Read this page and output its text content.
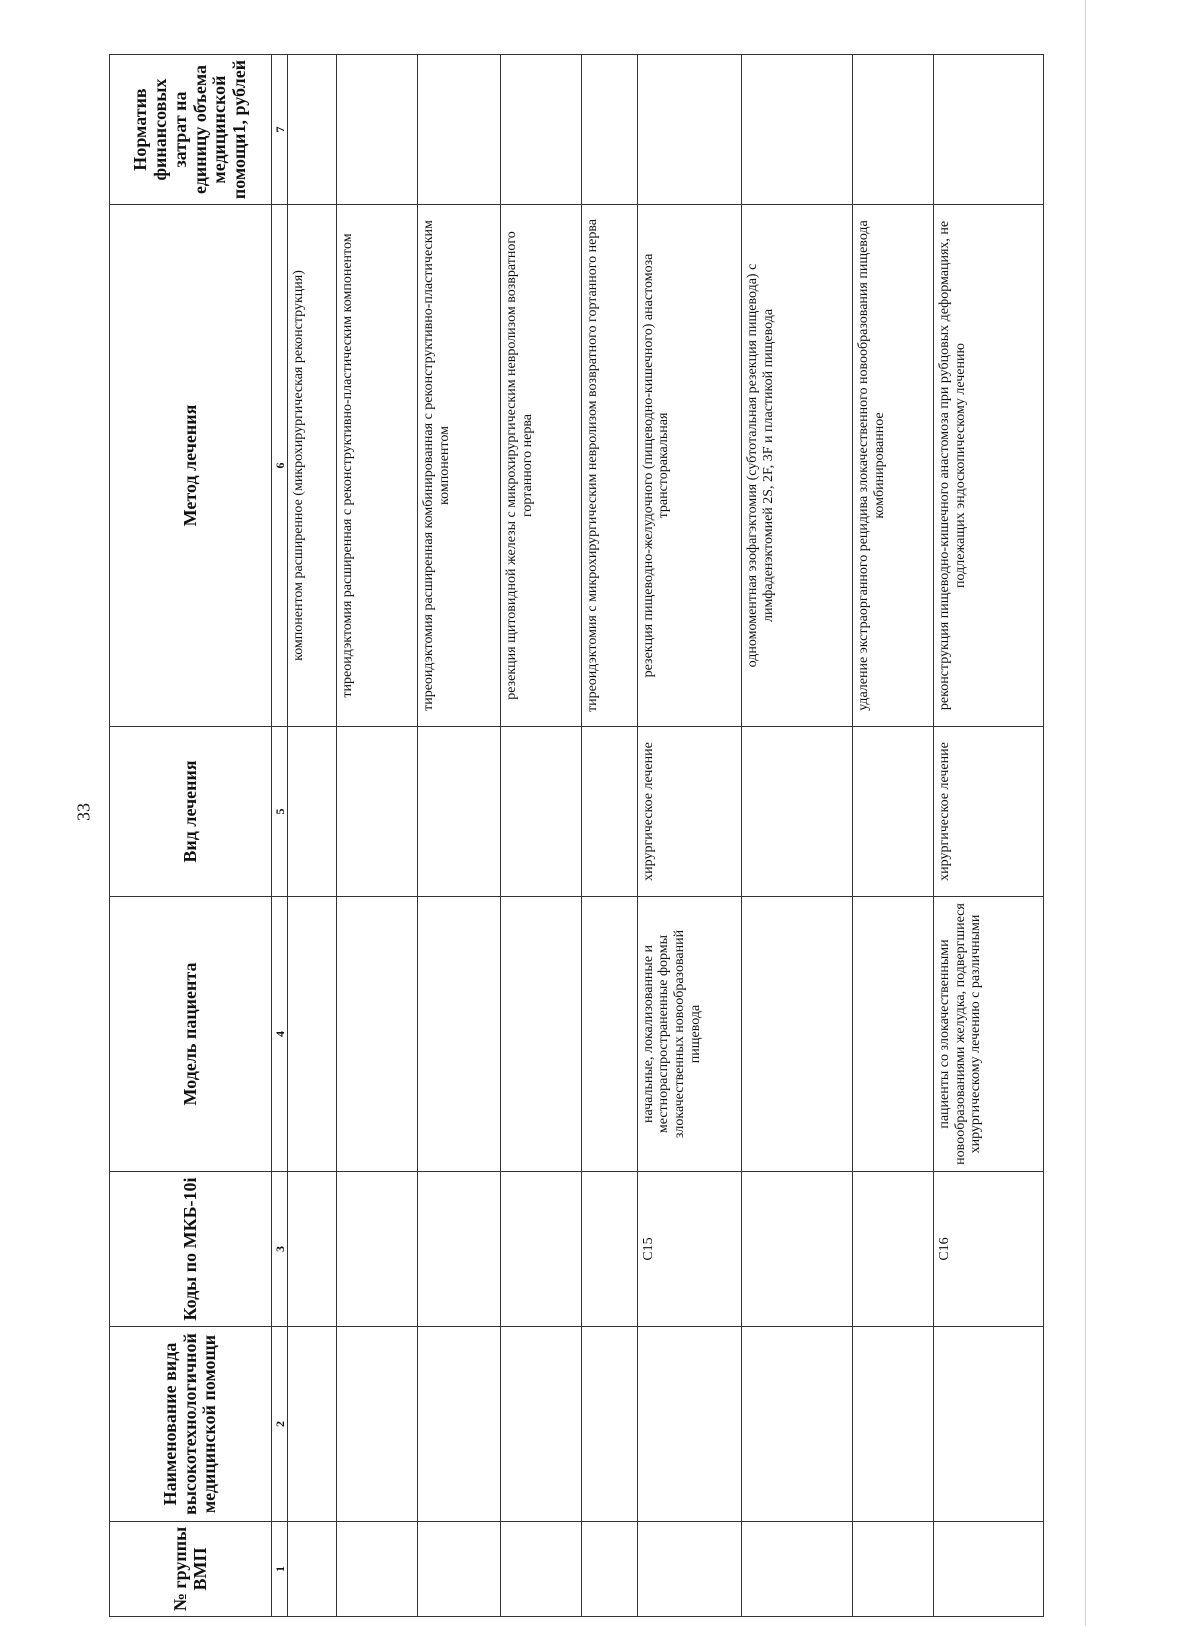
33
№ группы ВМП	Наименование вида высокотехнологичной медицинской помощи	Коды по МКБ-10i	Модель пациента	Вид лечения	Метод лечения	Норматив финансовых затрат на единицу объема медицинской помощи1, рублей
1	2	3	4	5	6	7
					компонентом расширенное (микрохирургическая реконструкция)	
					тиреоидэктомия расширенная с реконструктивно-пластическим компонентом	
					тиреоидэктомия расширенная комбинированная с реконструктивно-пластическим компонентом	
					резекция щитовидной железы с микрохирургическим невролизом возвратного гортанного нерва	
					тиреоидэктомия с микрохирургическим невролизом возвратного гортанного нерва	
		C15	начальные, локализованные и местнораспространенные формы злокачественных новообразований пищевода	хирургическое лечение	резекция пищеводно-желудочного (пищеводно-кишечного) анастомоза трансторакальная	
					одномоментная эзофагэктомия (субтотальная резекция пищевода) с лимфаденэктомией 2S, 2F, 3F и пластикой пищевода	
					удаление экстраорганного рецидива злокачественного новообразования пищевода комбинированное	
		C16	пациенты со злокачественными новообразованиями желудка, подвергшиеся хирургическому лечению с различными	хирургическое лечение	реконструкция пищеводно-кишечного анастомоза при рубцовых деформациях, не подлежащих эндоскопическому лечению	
